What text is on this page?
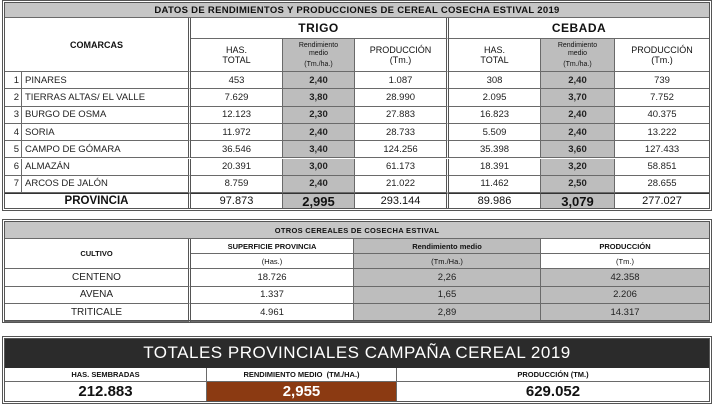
DATOS DE RENDIMIENTOS Y PRODUCCIONES DE CEREAL COSECHA ESTIVAL 2019
COMARCAS
TRIGO	CEBADA
HAS.
TOTAL
Rendimiento
medio
(Tm./ha.)
PRODUCCIÓN
(Tm.)
HAS.
TOTAL
Rendimiento
medio
(Tm./ha.)
PRODUCCIÓN
(Tm.)
1 PINARES	453	2,40	1.087	308	2,40	739
2 TIERRAS ALTAS/ EL VALLE	7.629	3,80	28.990	2.095	3,70	7.752
3 BURGO DE OSMA	12.123	2,30	27.883	16.823	2,40	40.375
4 SORIA	11.972	2,40	28.733	5.509	2,40	13.222
5 CAMPO DE GÓMARA	36.546	3,40	124.256	35.398	3,60	127.433
6 ALMAZÁN	20.391	3,00	61.173	18.391	3,20	58.851
7 ARCOS DE JALÓN	8.759	2,40	21.022	11.462	2,50	28.655
PROVINCIA	97.873	2,995	293.144	89.986	3,079	277.027
OTROS CEREALES DE COSECHA ESTIVAL
CULTIVO
SUPERFICIE PROVINCIA
(Has.)
Rendimiento medio
(Tm./Ha.)
PRODUCCIÓN
(Tm.)
CENTENO	18.726	2,26	42.358
AVENA	1.337	1,65	2.206
TRITICALE	4.961	2,89	14.317
TOTALES PROVINCIALES CAMPAÑA CEREAL 2019
HAS. SEMBRADAS	RENDIMIENTO MEDIO  (TM./HA.)	PRODUCCIÓN (TM.)
212.883	2,955	629.052
